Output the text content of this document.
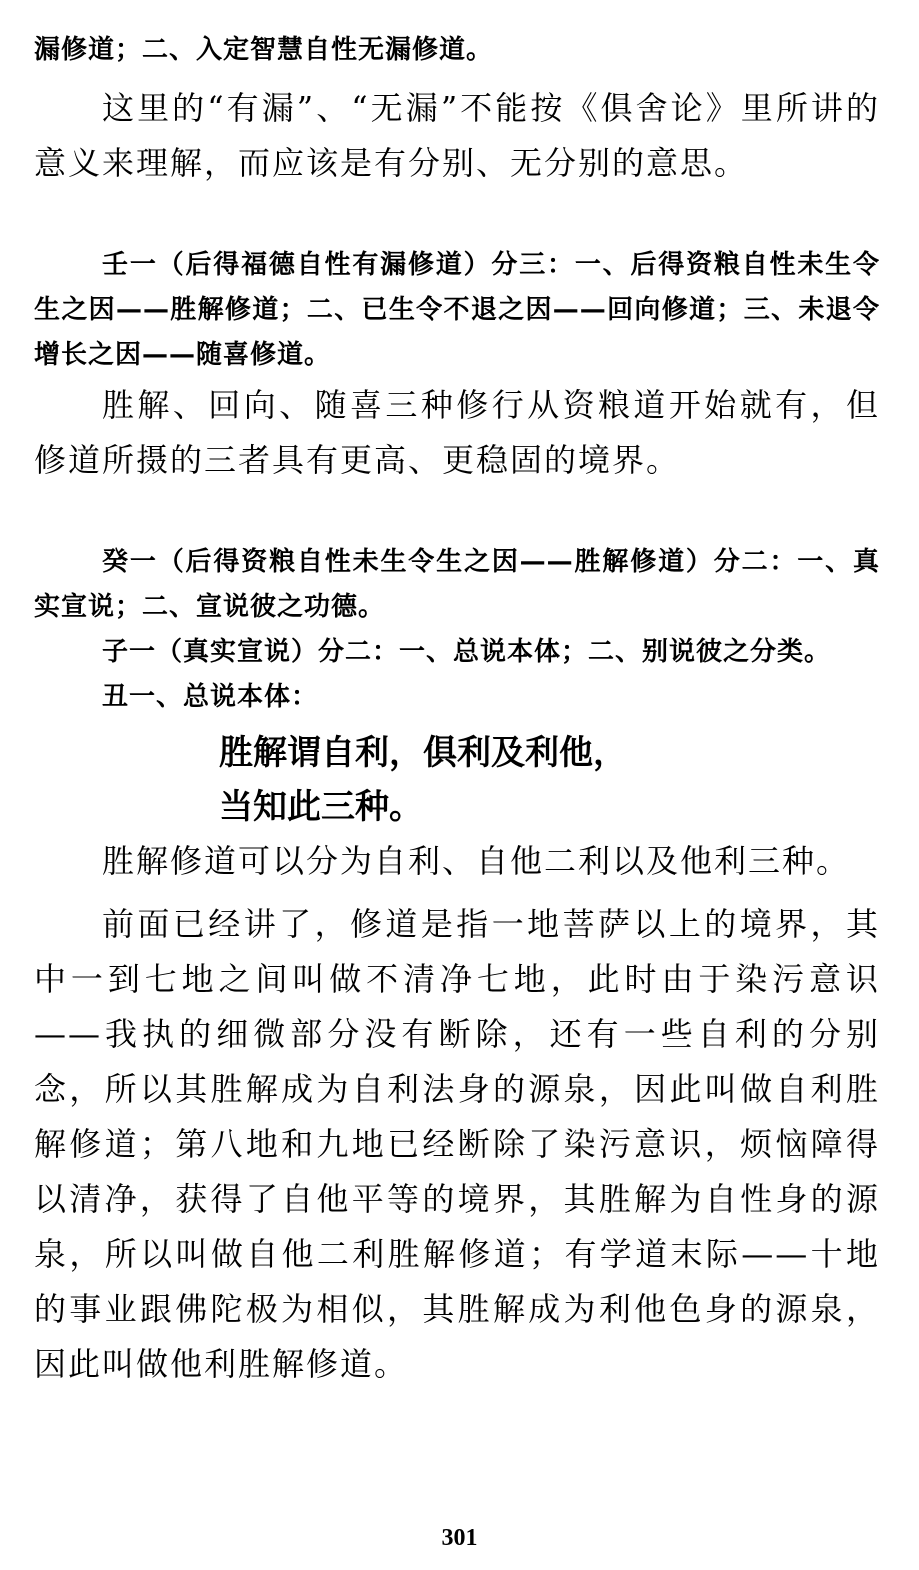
漏修道；二、入定智慧自性无漏修道。

这里的“有漏”、“无漏”不能按《俱舍论》里所讲的意义来理解，而应该是有分别、无分别的意思。

壬一（后得福德自性有漏修道）分三：一、后得资粮自性未生令生之因——胜解修道；二、已生令不退之因——回向修道；三、未退令增长之因——随喜修道。

胜解、回向、随喜三种修行从资粮道开始就有，但修道所摄的三者具有更高、更稳固的境界。

癸一（后得资粮自性未生令生之因——胜解修道）分二：一、真实宣说；二、宣说彼之功德。

子一（真实宣说）分二：一、总说本体；二、别说彼之分类。

丑一、总说本体：

胜解谓自利，俱利及利他，
当知此三种。

胜解修道可以分为自利、自他二利以及他利三种。

前面已经讲了，修道是指一地菩萨以上的境界，其中一到七地之间叫做不清净七地，此时由于染污意识——我执的细微部分没有断除，还有一些自利的分别念，所以其胜解成为自利法身的源泉，因此叫做自利胜解修道；第八地和九地已经断除了染污意识，烦恼障得以清净，获得了自他平等的境界，其胜解为自性身的源泉，所以叫做自他二利胜解修道；有学道末际——十地的事业跟佛陀极为相似，其胜解成为利他色身的源泉，因此叫做他利胜解修道。

301
